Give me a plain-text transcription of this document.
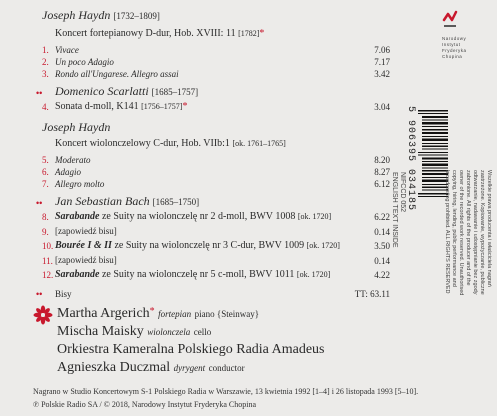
Joseph Haydn [1732–1809]
Koncert fortepianowy D-dur, Hob. XVIII: 11 [1782]*
1. Vivace	7.06
2. Un poco Adagio	7.17
3. Rondo all'Ungarese. Allegro assai	3.42
•• Domenico Scarlatti [1685–1757]
4. Sonata d-moll, K141 [1756–1757]*	3.04
Joseph Haydn
Koncert wiolonczelowy C-dur, Hob. VIIb:1 [ok. 1761–1765]
5. Moderato	8.20
6. Adagio	8.27
7. Allegro molto	6.12
•• Jan Sebastian Bach [1685–1750]
8. Sarabande ze Suity na wiolonczelę nr 2 d-moll, BWV 1008 [ok. 1720]	6.22
9. [zapowiedź bisu]	0.14
10. Bourée I & II ze Suity na wiolonczelę nr 3 C-dur, BWV 1009 [ok. 1720]	3.50
11. [zapowiedź bisu]	0.14
12. Sarabande ze Suity na wiolonczelę nr 5 c-moll, BWV 1011 [ok. 1720]	4.22
•• Bisy	TT: 63.11
Martha Argerich* fortepian piano {Steinway}
Mischa Maisky wiolonczela cello
Orkiestra Kameralna Polskiego Radia Amadeus
Agnieszka Duczmal dyrygent conductor
Nagrano w Studio Koncertowym S-1 Polskiego Radia w Warszawie, 13 kwietnia 1992 [1–4] i 26 listopada 1993 [5–10].
℗ Polskie Radio SA / © 2018, Narodowy Instytut Fryderyka Chopina
Narodowy
Instytut
Fryderyka
Chopina
5 906395 034185
NIFCCD 052
ENGLISH TEXT INSIDE	Wszelkie prawa producenta i właściciela nagrań
zastrzeżone. Kopiowanie, wypożyczanie, publiczne
odtwarzanie, nadawanie i udostępnianie bez zgody
zabronione. All rights of the producer and of the
owner of the recorded work reserved. Unauthorised
copying, hiring, lending, public performance and
broadcasting prohibited. ALL RIGHTS RESERVED
